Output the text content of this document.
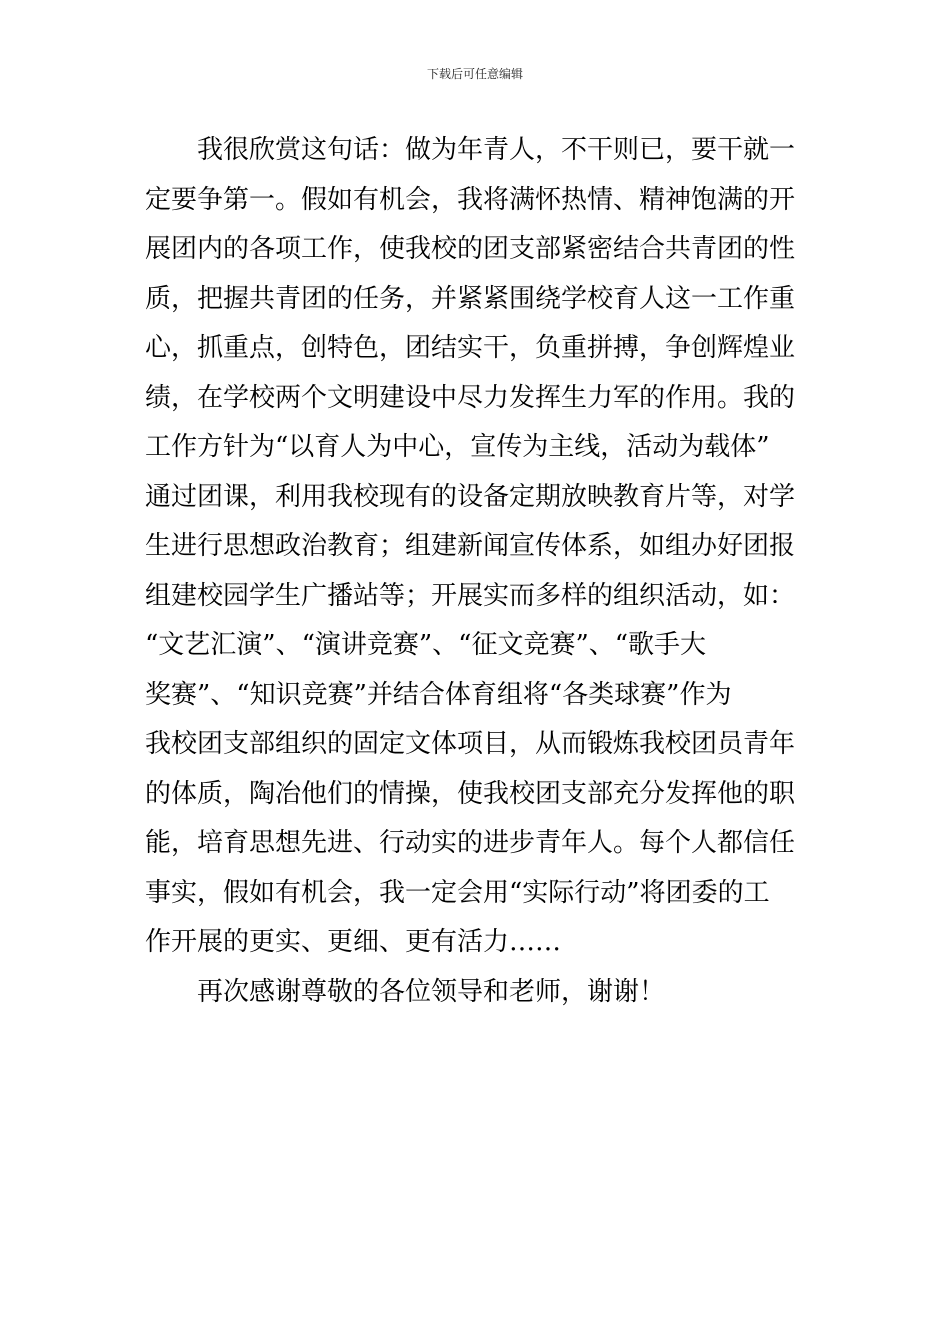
下载后可任意编辑
我很欣赏这句话：做为年青人，不干则已，要干就一
定要争第一。假如有机会，我将满怀热情、精神饱满的开
展团内的各项工作，使我校的团支部紧密结合共青团的性
质，把握共青团的任务，并紧紧围绕学校育人这一工作重
心，抓重点，创特色，团结实干，负重拼搏，争创辉煌业
绩，在学校两个文明建设中尽力发挥生力军的作用。我的
工作方针为“以育人为中心，宣传为主线，活动为载体”
通过团课，利用我校现有的设备定期放映教育片等，对学
生进行思想政治教育；组建新闻宣传体系，如组办好团报
组建校园学生广播站等；开展实而多样的组织活动，如：
“文艺汇演”、“演讲竞赛”、“征文竞赛”、“歌手大
奖赛”、“知识竞赛”并结合体育组将“各类球赛”作为
我校团支部组织的固定文体项目，从而锻炼我校团员青年
的体质，陶冶他们的情操，使我校团支部充分发挥他的职
能，培育思想先进、行动实的进步青年人。每个人都信任
事实，假如有机会，我一定会用“实际行动”将团委的工
作开展的更实、更细、更有活力……
再次感谢尊敬的各位领导和老师，谢谢！
